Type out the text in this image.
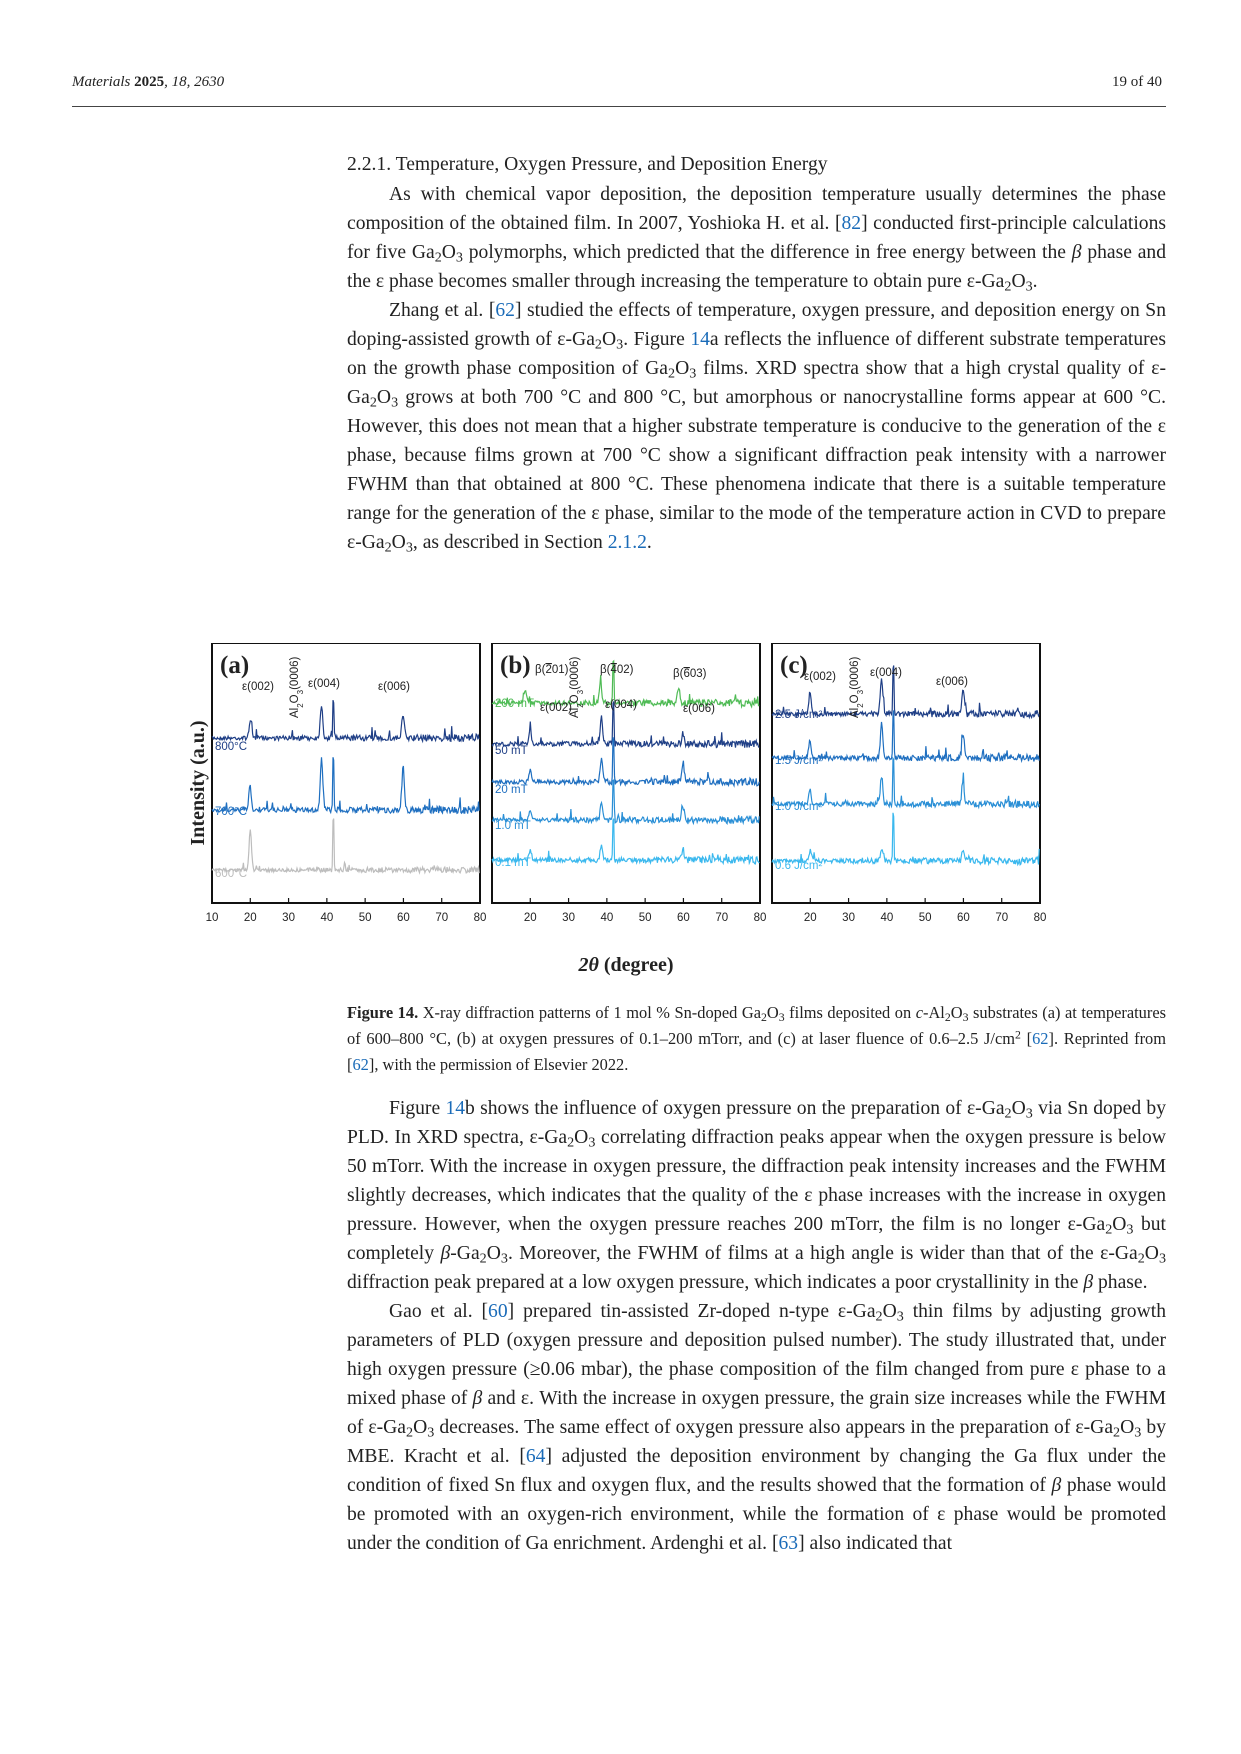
Materials 2025, 18, 2630	19 of 40
2.2.1. Temperature, Oxygen Pressure, and Deposition Energy

As with chemical vapor deposition, the deposition temperature usually determines the phase composition of the obtained film. In 2007, Yoshioka H. et al. [82] conducted first-principle calculations for five $Ga_2O_3$ polymorphs, which predicted that the difference in free energy between the β phase and the ε phase becomes smaller through increasing the temperature to obtain pure $\varepsilon-Ga_2O_3$.

Zhang et al. [62] studied the effects of temperature, oxygen pressure, and deposition energy on Sn doping-assisted growth of $\varepsilon-Ga_2O_3$. Figure 14a reflects the influence of different substrate temperatures on the growth phase composition of $Ga_2O_3$ films. XRD spectra show that a high crystal quality of $\varepsilon-Ga_2O_3$ grows at both 700 °C and 800 °C, but amorphous or nanocrystalline forms appear at 600 °C. However, this does not mean that a higher substrate temperature is conducive to the generation of the ε phase, because films grown at 700 °C show a significant diffraction peak intensity with a narrower FWHM than that obtained at 800 °C. These phenomena indicate that there is a suitable temperature range for the generation of the ε phase, similar to the mode of the temperature action in CVD to prepare $\varepsilon-Ga_2O_3$, as described in Section 2.1.2.

800°C
700°C
600°C
10 20 30 40 50 60 70 80
(a)
200 mT
50 mT
20 mT
1.0 mT
0.1 mT
20 30 40 50 60 70 80
(b)
2.5 J/cm²
1.5 J/cm²
1.0 J/cm²
0.6 J/cm²
20 30 40 50 60 70 80
(c)
ε(002)	ε(004)
$Al_2O_3(0006)$	ε(006)
β(201)	β(402)
$Al_2O_3(0006)$	β(603)
ε(002)	ε(004)	ε(006)
ε(002)	ε(004)
$Al_2O_3(0006)$	ε(006)
Intensity (a.u.)
2θ (degree)
Figure 14. X-ray diffraction patterns of 1 mol % Sn-doped $Ga_2O_3$ films deposited on $c-Al_2O_3$ substrates (a) at temperatures of 600–800 °C, (b) at oxygen pressures of 0.1–200 mTorr, and (c) at laser fluence of 0.6–2.5 $J/cm^2$ [62]. Reprinted from [62], with the permission of Elsevier 2022.

Figure 14b shows the influence of oxygen pressure on the preparation of $\varepsilon-Ga_2O_3$ via Sn doped by PLD. In XRD spectra, $\varepsilon-Ga_2O_3$ correlating diffraction peaks appear when the oxygen pressure is below 50 mTorr. With the increase in oxygen pressure, the diffraction peak intensity increases and the FWHM slightly decreases, which indicates that the quality of the ε phase increases with the increase in oxygen pressure. However, when the oxygen pressure reaches 200 mTorr, the film is no longer $\varepsilon-Ga_2O_3$ but completely $\beta-Ga_2O_3$. Moreover, the FWHM of films at a high angle is wider than that of the $\varepsilon-Ga_2O_3$ diffraction peak prepared at a low oxygen pressure, which indicates a poor crystallinity in the β phase.

Gao et al. [60] prepared tin-assisted Zr-doped n-type $\varepsilon-Ga_2O_3$ thin films by adjusting growth parameters of PLD (oxygen pressure and deposition pulsed number). The study illustrated that, under high oxygen pressure (≥0.06 mbar), the phase composition of the film changed from pure ε phase to a mixed phase of β and ε. With the increase in oxygen pressure, the grain size increases while the FWHM of $\varepsilon-Ga_2O_3$ decreases. The same effect of oxygen pressure also appears in the preparation of $\varepsilon-Ga_2O_3$ by MBE. Kracht et al. [64] adjusted the deposition environment by changing the Ga flux under the condition of fixed Sn flux and oxygen flux, and the results showed that the formation of β phase would be promoted with an oxygen-rich environment, while the formation of ε phase would be promoted under the condition of Ga enrichment. Ardenghi et al. [63] also indicated that
